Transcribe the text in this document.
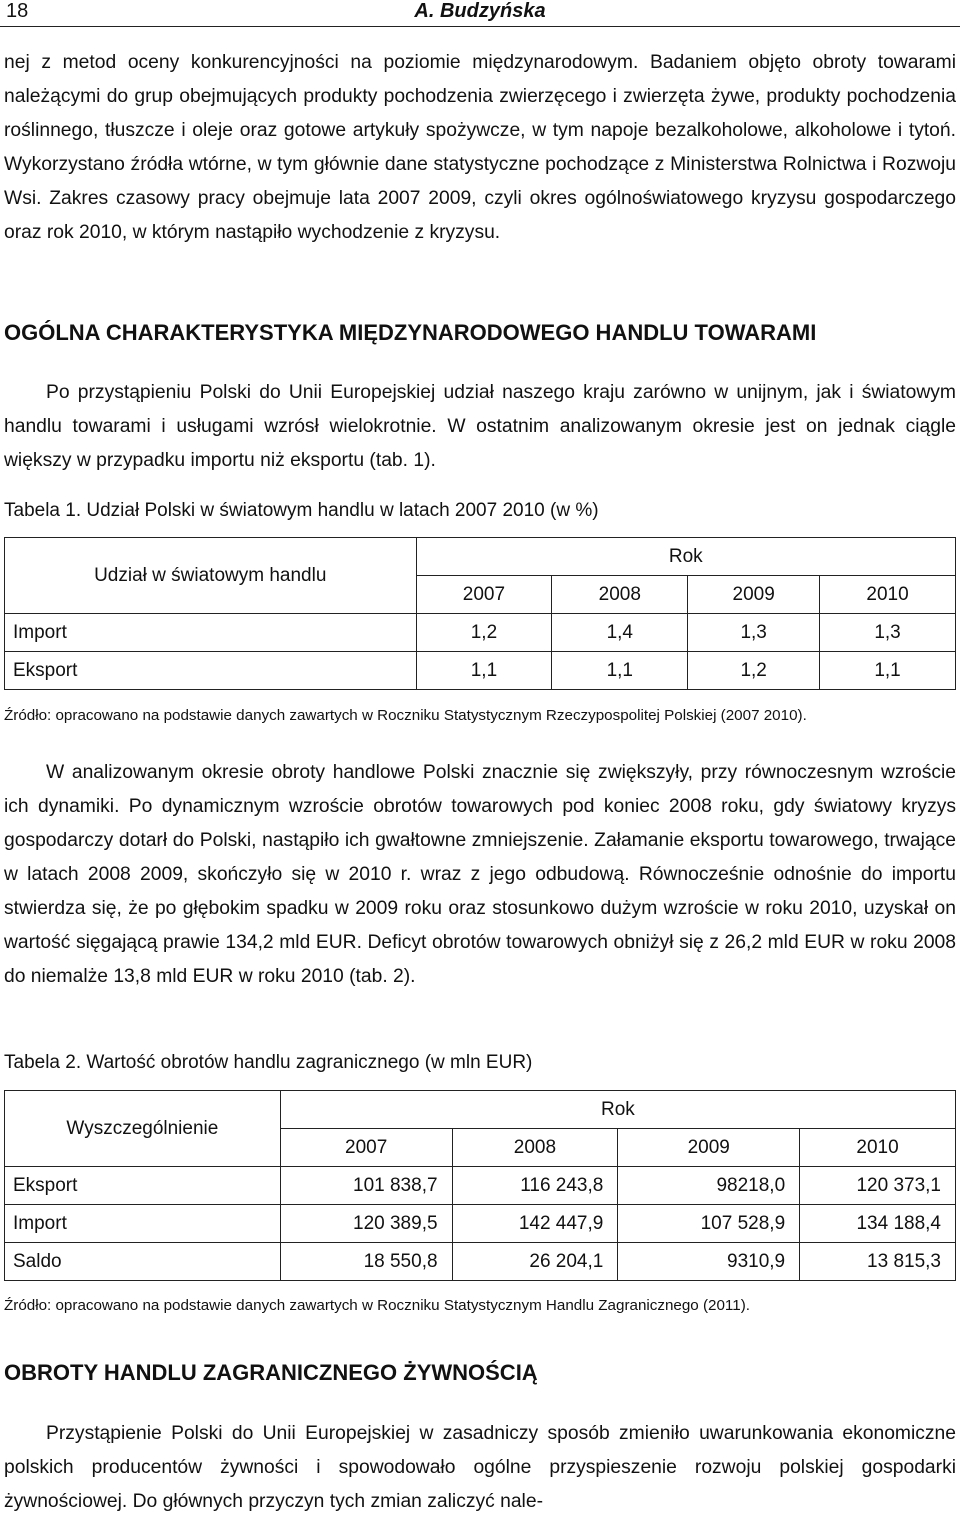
18	A. Budzyńska

nej z metod oceny konkurencyjności na poziomie międzynarodowym. Badaniem objęto obroty towarami należącymi do grup obejmujących produkty pochodzenia zwierzęcego i zwierzęta żywe, produkty pochodzenia roślinnego, tłuszcze i oleje oraz gotowe artykuły spożywcze, w tym napoje bezalkoholowe, alkoholowe i tytoń. Wykorzystano źródła wtórne, w tym głównie dane statystyczne pochodzące z Ministerstwa Rolnictwa i Rozwoju Wsi. Zakres czasowy pracy obejmuje lata 2007 2009, czyli okres ogólnoświatowego kryzysu gospodarczego oraz rok 2010, w którym nastąpiło wychodzenie z kryzysu.

OGÓLNA CHARAKTERYSTYKA MIĘDZYNARODOWEGO HANDLU TOWARAMI

Po przystąpieniu Polski do Unii Europejskiej udział naszego kraju zarówno w unijnym, jak i światowym handlu towarami i usługami wzrósł wielokrotnie. W ostatnim analizowanym okresie jest on jednak ciągle większy w przypadku importu niż eksportu (tab. 1).

Tabela 1. Udział Polski w światowym handlu w latach 2007 2010 (w %)

Udział w światowym handlu	Rok			
	2007	2008	2009	2010
Import	1,2	1,4	1,3	1,3
Eksport	1,1	1,1	1,2	1,1

Źródło: opracowano na podstawie danych zawartych w Roczniku Statystycznym Rzeczypospolitej Polskiej (2007 2010).

W analizowanym okresie obroty handlowe Polski znacznie się zwiększyły, przy równoczesnym wzroście ich dynamiki. Po dynamicznym wzroście obrotów towarowych pod koniec 2008 roku, gdy światowy kryzys gospodarczy dotarł do Polski, nastąpiło ich gwałtowne zmniejszenie. Załamanie eksportu towarowego, trwające w latach 2008 2009, skończyło się w 2010 r. wraz z jego odbudową. Równocześnie odnośnie do importu stwierdza się, że po głębokim spadku w 2009 roku oraz stosunkowo dużym wzroście w roku 2010, uzyskał on wartość sięgającą prawie 134,2 mld EUR. Deficyt obrotów towarowych obniżył się z 26,2 mld EUR w roku 2008 do niemalże 13,8 mld EUR w roku 2010 (tab. 2).

Tabela 2. Wartość obrotów handlu zagranicznego (w mln EUR)

Wyszczególnienie	Rok			
	2007	2008	2009	2010
Eksport	101 838,7	116 243,8	98218,0	120 373,1
Import	120 389,5	142 447,9	107 528,9	134 188,4
Saldo	18 550,8	26 204,1	9310,9	13 815,3

Źródło: opracowano na podstawie danych zawartych w Roczniku Statystycznym Handlu Zagranicznego (2011).

OBROTY HANDLU ZAGRANICZNEGO ŻYWNOŚCIĄ

Przystąpienie Polski do Unii Europejskiej w zasadniczy sposób zmieniło uwarunkowania ekonomiczne polskich producentów żywności i spowodowało ogólne przyspieszenie rozwoju polskiej gospodarki żywnościowej. Do głównych przyczyn tych zmian zaliczyć nale-
